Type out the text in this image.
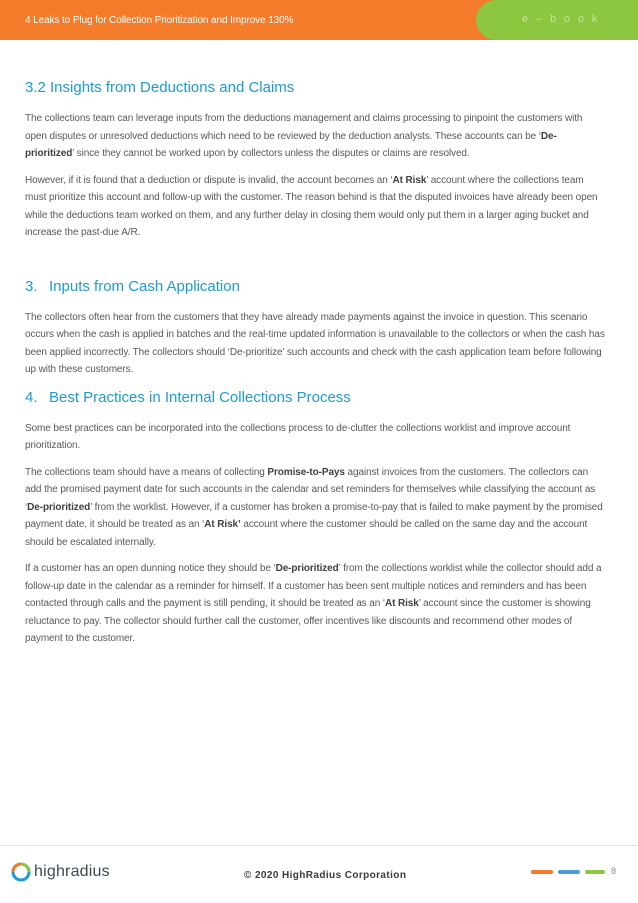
4 Leaks to Plug for Collection Prioritization and Improve 130%	e – b o o k
3.2 Insights from Deductions and Claims

The collections team can leverage inputs from the deductions management and claims processing to pinpoint the customers with open disputes or unresolved deductions which need to be reviewed by the deduction analysts. These accounts can be ‘De-prioritized’ since they cannot be worked upon by collectors unless the disputes or claims are resolved.

However, if it is found that a deduction or dispute is invalid, the account becomes an ‘At Risk’ account where the collections team must prioritize this account and follow-up with the customer. The reason behind is that the disputed invoices have already been open while the deductions team worked on them, and any further delay in closing them would only put them in a larger aging bucket and increase the past-due A/R.

3. Inputs from Cash Application

The collectors often hear from the customers that they have already made payments against the invoice in question. This scenario occurs when the cash is applied in batches and the real-time updated information is unavailable to the collectors or when the cash has been applied incorrectly. The collectors should ‘De-prioritize’ such accounts and check with the cash application team before following up with these customers.

4. Best Practices in Internal Collections Process

Some best practices can be incorporated into the collections process to de-clutter the collections worklist and improve account prioritization.

The collections team should have a means of collecting Promise-to-Pays against invoices from the customers. The collectors can add the promised payment date for such accounts in the calendar and set reminders for themselves while classifying the account as ‘De-prioritized’ from the worklist. However, if a customer has broken a promise-to-pay that is failed to make payment by the promised payment date, it should be treated as an ‘At Risk’ account where the customer should be called on the same day and the account should be escalated internally.

If a customer has an open dunning notice they should be ‘De-prioritized’ from the collections worklist while the collector should add a follow-up date in the calendar as a reminder for himself. If a customer has been sent multiple notices and reminders and has been contacted through calls and the payment is still pending, it should be treated as an ‘At Risk’ account since the customer is showing reluctance to pay. The collector should further call the customer, offer incentives like discounts and recommend other modes of payment to the customer.

highradius	© 2020 HighRadius Corporation	8
